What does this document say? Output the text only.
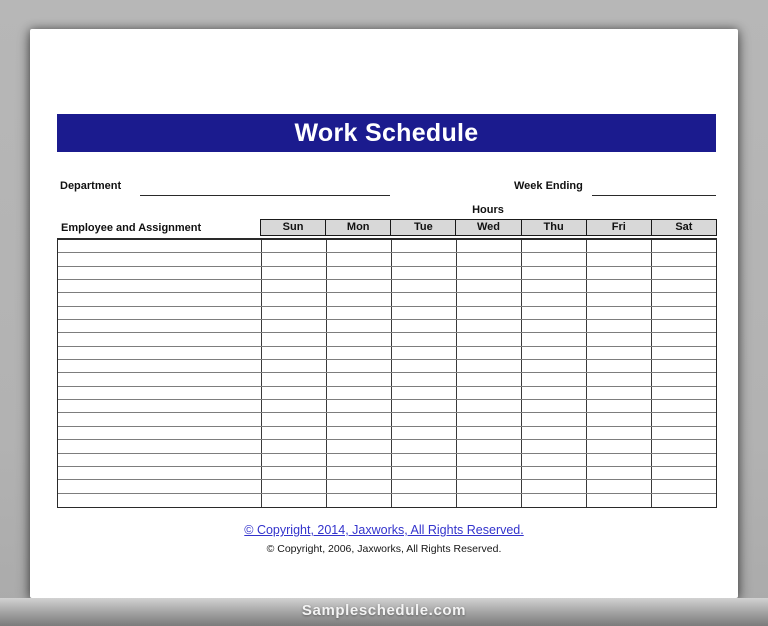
Work Schedule
Department	Week Ending
Hours
Employee and Assignment	Sun	Mon	Tue	Wed	Thu	Fri	Sat
© Copyright, 2014, Jaxworks, All Rights Reserved.
© Copyright, 2006, Jaxworks, All Rights Reserved.
Sampleschedule.com
